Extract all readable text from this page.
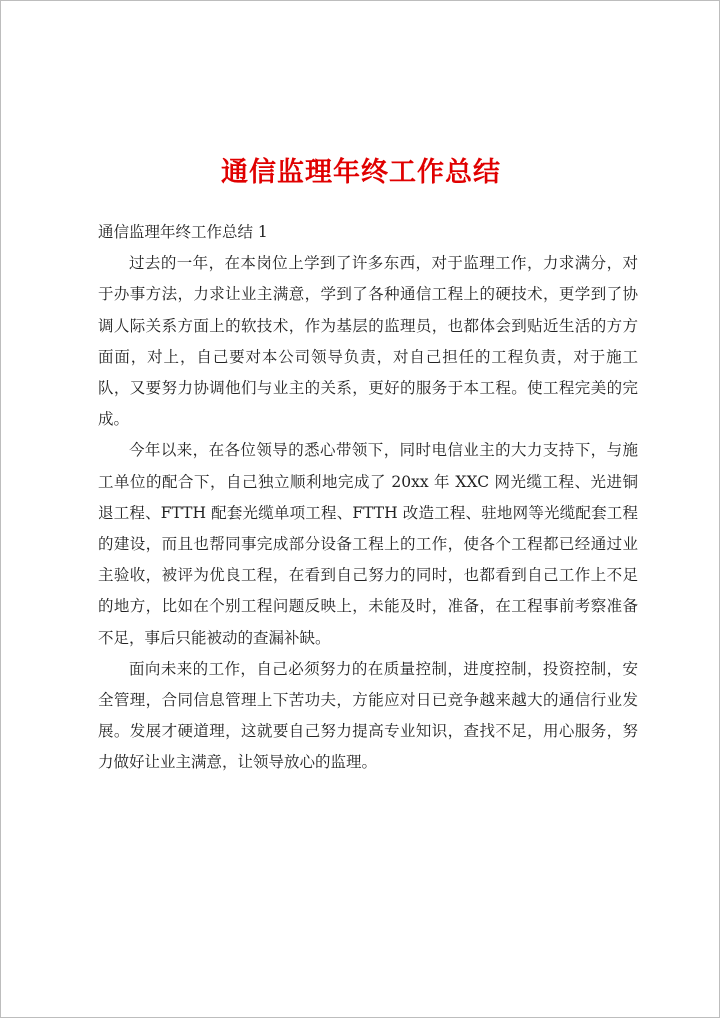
通信监理年终工作总结

通信监理年终工作总结 1

过去的一年，在本岗位上学到了许多东西，对于监理工作，力求满分，对于办事方法，力求让业主满意，学到了各种通信工程上的硬技术，更学到了协调人际关系方面上的软技术，作为基层的监理员，也都体会到贴近生活的方方面面，对上，自己要对本公司领导负责，对自己担任的工程负责，对于施工队，又要努力协调他们与业主的关系，更好的服务于本工程。使工程完美的完成。

今年以来，在各位领导的悉心带领下，同时电信业主的大力支持下，与施工单位的配合下，自己独立顺利地完成了 20xx 年 XXC 网光缆工程、光进铜退工程、FTTH 配套光缆单项工程、FTTH 改造工程、驻地网等光缆配套工程的建设，而且也帮同事完成部分设备工程上的工作，使各个工程都已经通过业主验收，被评为优良工程，在看到自己努力的同时，也都看到自己工作上不足的地方，比如在个别工程问题反映上，未能及时，准备，在工程事前考察准备不足，事后只能被动的查漏补缺。

面向未来的工作，自己必须努力的在质量控制，进度控制，投资控制，安全管理，合同信息管理上下苦功夫，方能应对日已竞争越来越大的通信行业发展。发展才硬道理，这就要自己努力提高专业知识，查找不足，用心服务，努力做好让业主满意，让领导放心的监理。
